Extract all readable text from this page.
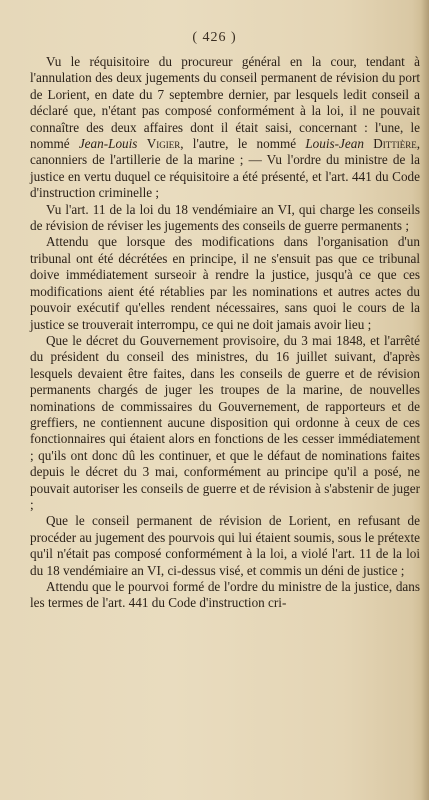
( 426 )

Vu le réquisitoire du procureur général en la cour, tendant à l'annulation des deux jugements du conseil permanent de révision du port de Lorient, en date du 7 septembre dernier, par lesquels ledit conseil a déclaré que, n'étant pas composé conformément à la loi, il ne pouvait connaître des deux affaires dont il était saisi, concernant : l'une, le nommé Jean-Louis Vigier, l'autre, le nommé Louis-Jean Dittière, canonniers de l'artillerie de la marine ; — Vu l'ordre du ministre de la justice en vertu duquel ce réquisitoire a été présenté, et l'art. 441 du Code d'instruction criminelle ;

Vu l'art. 11 de la loi du 18 vendémiaire an VI, qui charge les conseils de révision de réviser les jugements des conseils de guerre permanents ;

Attendu que lorsque des modifications dans l'organisation d'un tribunal ont été décrétées en principe, il ne s'ensuit pas que ce tribunal doive immédiatement surseoir à rendre la justice, jusqu'à ce que ces modifications aient été rétablies par les nominations et autres actes du pouvoir exécutif qu'elles rendent nécessaires, sans quoi le cours de la justice se trouverait interrompu, ce qui ne doit jamais avoir lieu ;

Que le décret du Gouvernement provisoire, du 3 mai 1848, et l'arrêté du président du conseil des ministres, du 16 juillet suivant, d'après lesquels devaient être faites, dans les conseils de guerre et de révision permanents chargés de juger les troupes de la marine, de nouvelles nominations de commissaires du Gouvernement, de rapporteurs et de greffiers, ne contiennent aucune disposition qui ordonne à ceux de ces fonctionnaires qui étaient alors en fonctions de les cesser immédiatement ; qu'ils ont donc dû les continuer, et que le défaut de nominations faites depuis le décret du 3 mai, conformément au principe qu'il a posé, ne pouvait autoriser les conseils de guerre et de révision à s'abstenir de juger ;

Que le conseil permanent de révision de Lorient, en refusant de procéder au jugement des pourvois qui lui étaient soumis, sous le prétexte qu'il n'était pas composé conformément à la loi, a violé l'art. 11 de la loi du 18 vendémiaire an VI, ci-dessus visé, et commis un déni de justice ;

Attendu que le pourvoi formé de l'ordre du ministre de la justice, dans les termes de l'art. 441 du Code d'instruction cri-
